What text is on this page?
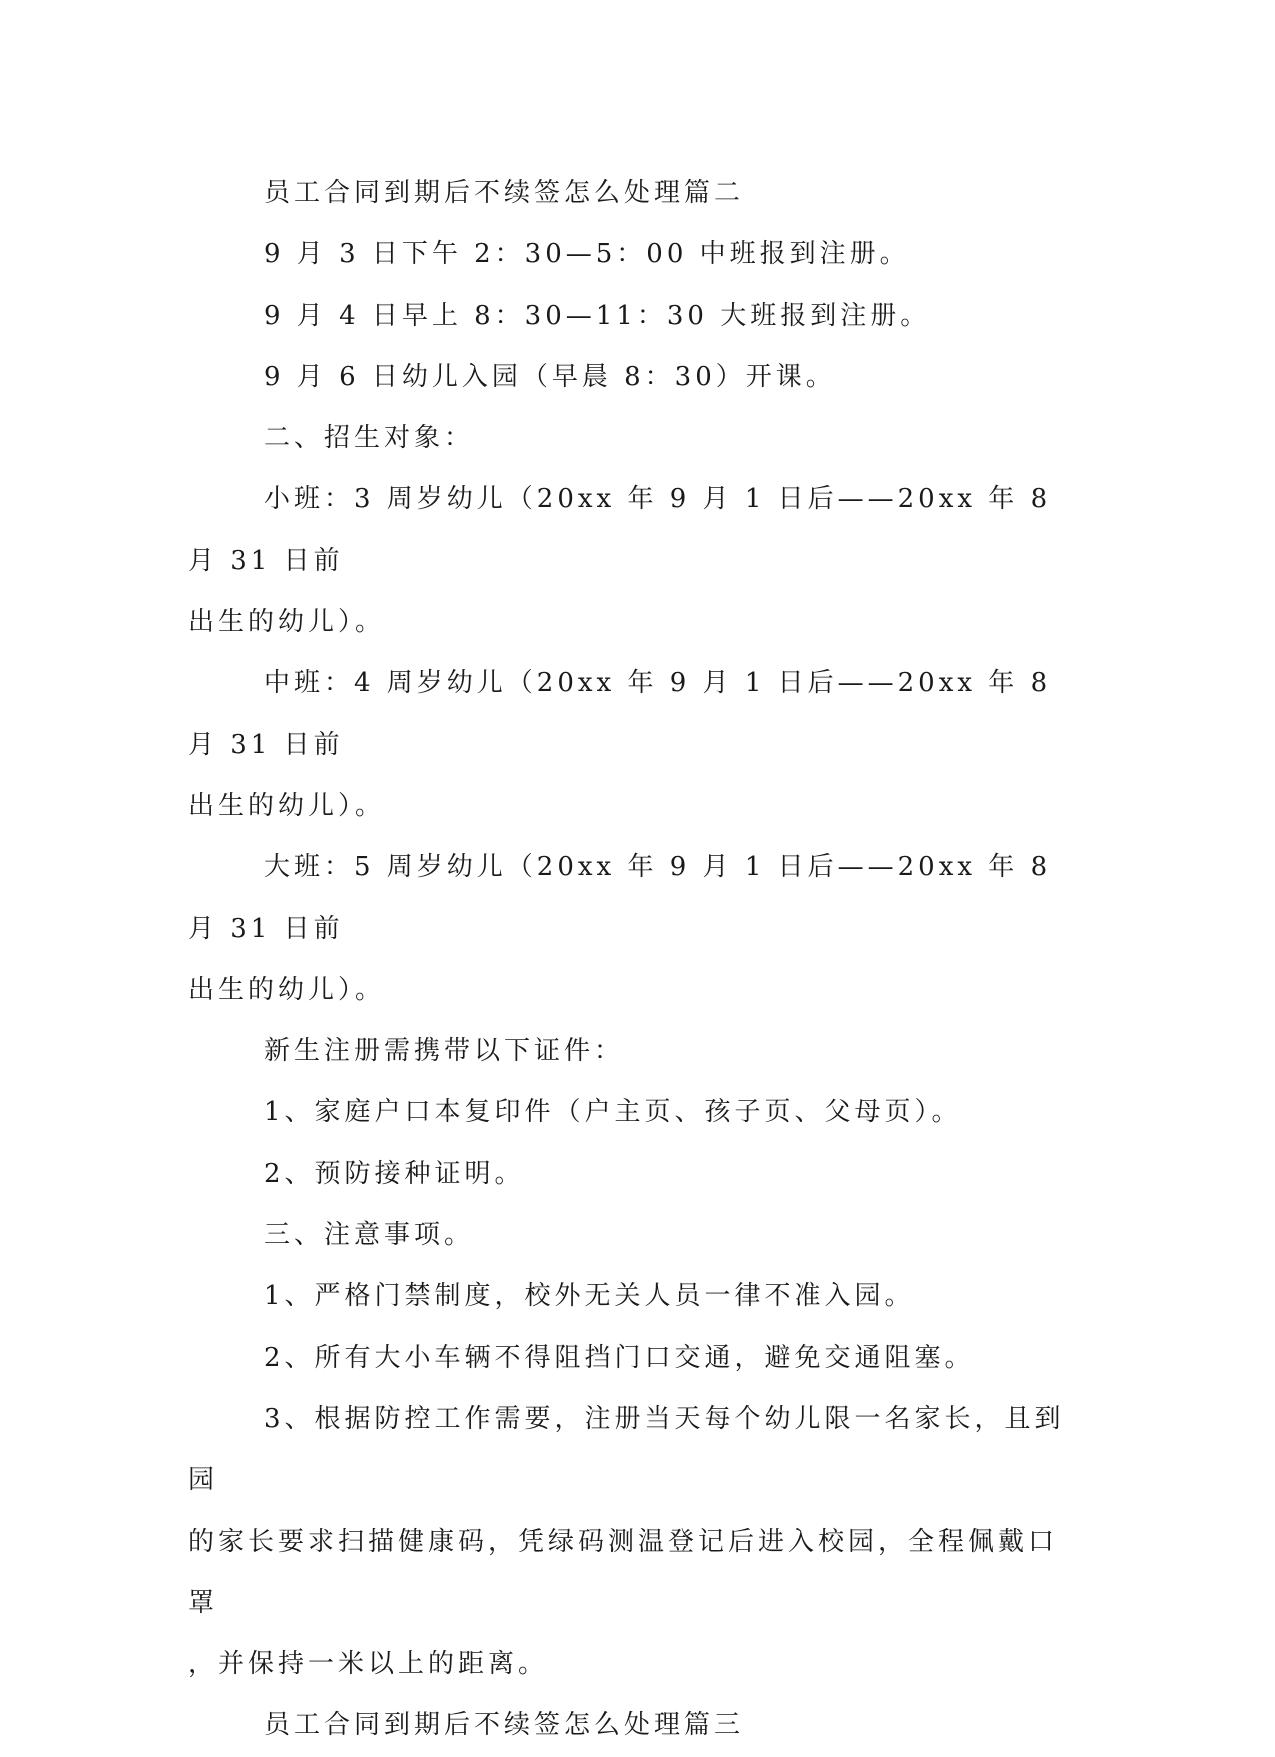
员工合同到期后不续签怎么处理篇二

9 月 3 日下午 2：30—5：00 中班报到注册。

9 月 4 日早上 8：30—11：30 大班报到注册。

9 月 6 日幼儿入园（早晨 8：30）开课。

二、招生对象：

小班：3 周岁幼儿（20xx 年 9 月 1 日后——20xx 年 8 月 31 日前
出生的幼儿）。

中班：4 周岁幼儿（20xx 年 9 月 1 日后——20xx 年 8 月 31 日前
出生的幼儿）。

大班：5 周岁幼儿（20xx 年 9 月 1 日后——20xx 年 8 月 31 日前
出生的幼儿）。

新生注册需携带以下证件：

1、家庭户口本复印件（户主页、孩子页、父母页）。

2、预防接种证明。

三、注意事项。

1、严格门禁制度，校外无关人员一律不准入园。

2、所有大小车辆不得阻挡门口交通，避免交通阻塞。

3、根据防控工作需要，注册当天每个幼儿限一名家长，且到园
的家长要求扫描健康码，凭绿码测温登记后进入校园，全程佩戴口罩
，并保持一米以上的距离。

员工合同到期后不续签怎么处理篇三
